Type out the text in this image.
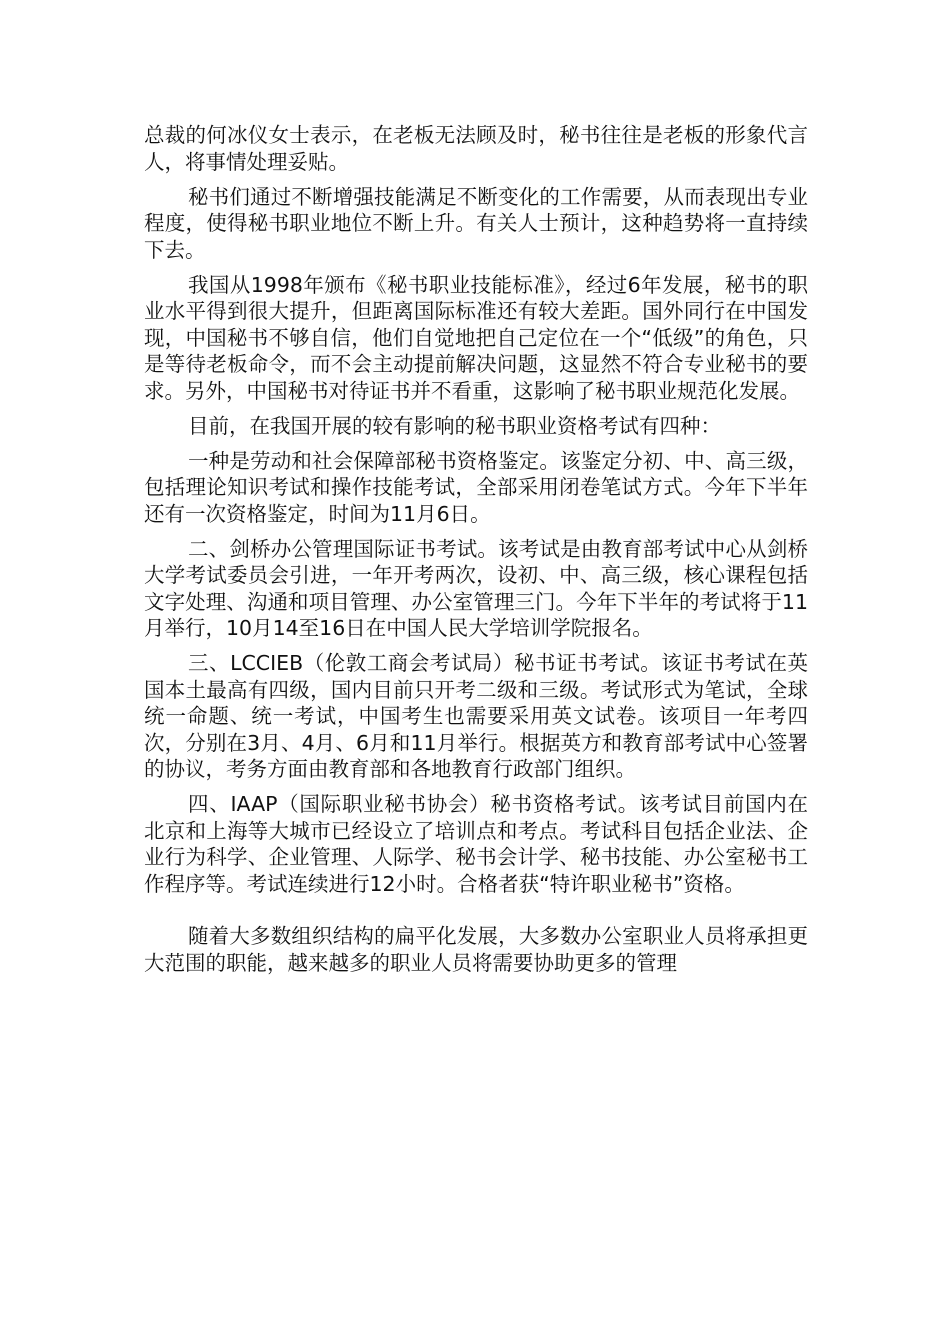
总裁的何冰仪女士表示，在老板无法顾及时，秘书往往是老板的形象代言人，将事情处理妥贴。

秘书们通过不断增强技能满足不断变化的工作需要，从而表现出专业程度，使得秘书职业地位不断上升。有关人士预计，这种趋势将一直持续下去。

我国从1998年颁布《秘书职业技能标准》，经过6年发展，秘书的职业水平得到很大提升，但距离国际标准还有较大差距。国外同行在中国发现，中国秘书不够自信，他们自觉地把自己定位在一个“低级”的角色，只是等待老板命令，而不会主动提前解决问题，这显然不符合专业秘书的要求。另外，中国秘书对待证书并不看重，这影响了秘书职业规范化发展。

目前，在我国开展的较有影响的秘书职业资格考试有四种：

一种是劳动和社会保障部秘书资格鉴定。该鉴定分初、中、高三级，包括理论知识考试和操作技能考试，全部采用闭卷笔试方式。今年下半年还有一次资格鉴定，时间为11月6日。

二、剑桥办公管理国际证书考试。该考试是由教育部考试中心从剑桥大学考试委员会引进，一年开考两次，设初、中、高三级，核心课程包括文字处理、沟通和项目管理、办公室管理三门。今年下半年的考试将于11月举行，10月14至16日在中国人民大学培训学院报名。

三、LCCIEB（伦敦工商会考试局）秘书证书考试。该证书考试在英国本土最高有四级，国内目前只开考二级和三级。考试形式为笔试，全球统一命题、统一考试，中国考生也需要采用英文试卷。该项目一年考四次，分别在3月、4月、6月和11月举行。根据英方和教育部考试中心签署的协议，考务方面由教育部和各地教育行政部门组织。

四、IAAP（国际职业秘书协会）秘书资格考试。该考试目前国内在北京和上海等大城市已经设立了培训点和考点。考试科目包括企业法、企业行为科学、企业管理、人际学、秘书会计学、秘书技能、办公室秘书工作程序等。考试连续进行12小时。合格者获“特许职业秘书”资格。

随着大多数组织结构的扁平化发展，大多数办公室职业人员将承担更大范围的职能，越来越多的职业人员将需要协助更多的管理
